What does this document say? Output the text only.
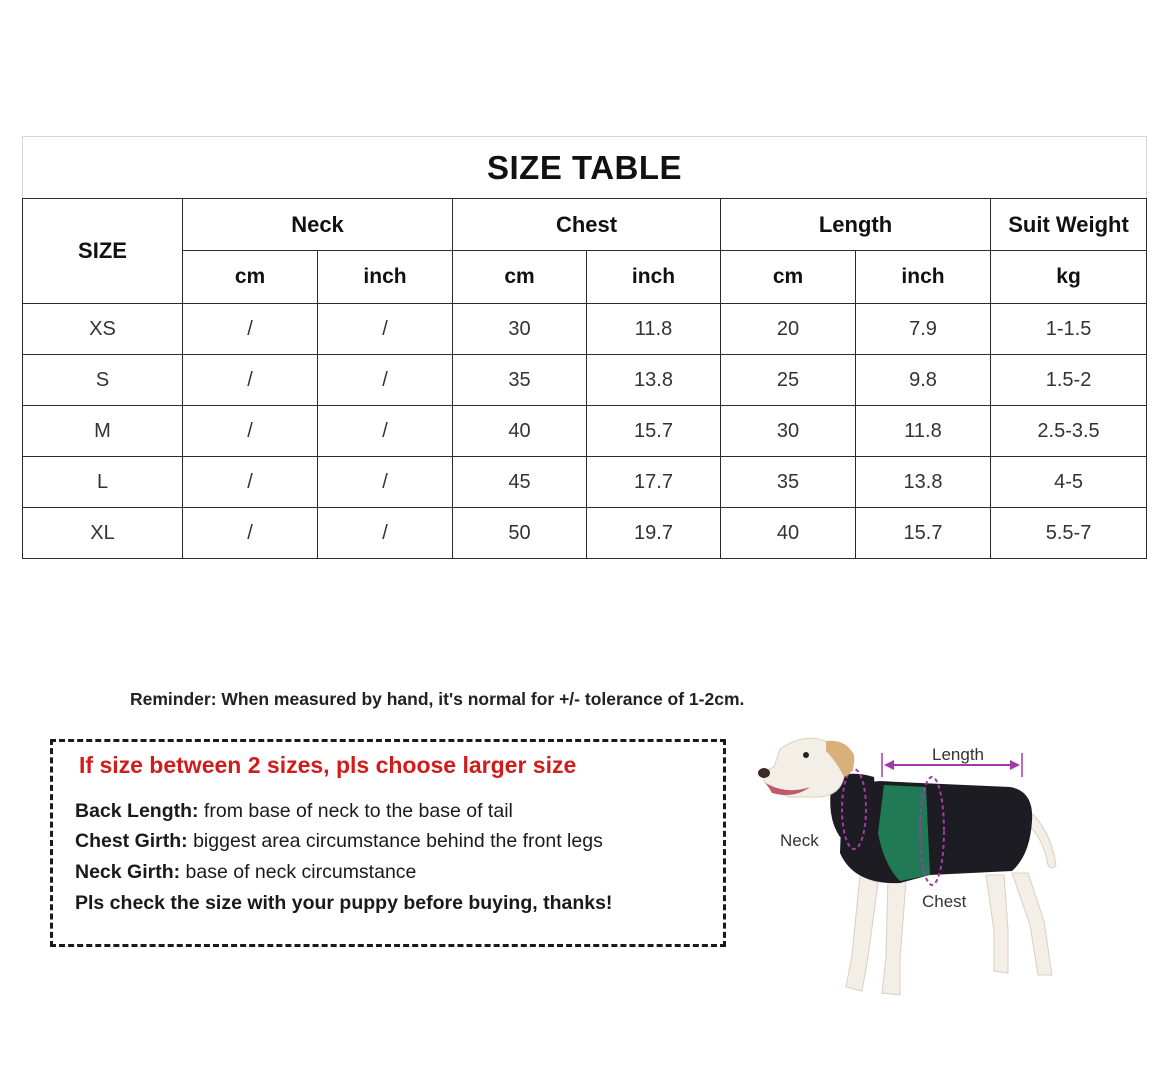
SIZE TABLE							
SIZE	Neck		Chest		Length		Suit Weight
	cm	inch	cm	inch	cm	inch	kg
XS	/	/	30	11.8	20	7.9	1-1.5
S	/	/	35	13.8	25	9.8	1.5-2
M	/	/	40	15.7	30	11.8	2.5-3.5
L	/	/	45	17.7	35	13.8	4-5
XL	/	/	50	19.7	40	15.7	5.5-7
Reminder: When measured by hand, it's normal for +/- tolerance of 1-2cm.
If size between 2 sizes, pls choose larger size
Back Length: from base of neck to the base of tail
Chest Girth: biggest area circumstance behind the front legs
Neck Girth: base of neck circumstance
Pls check the size with your puppy before buying, thanks!
Length
Neck
Chest
